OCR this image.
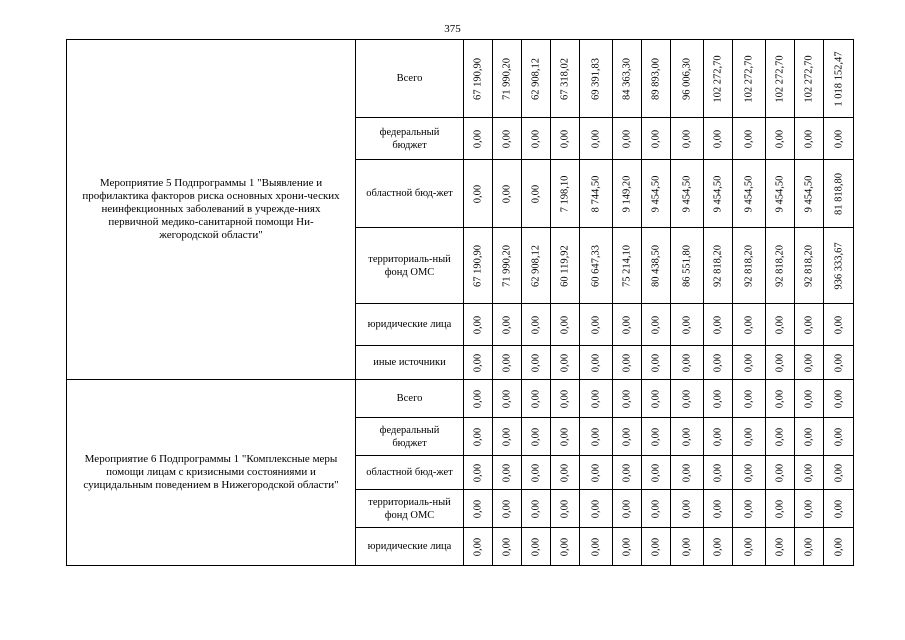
375
Мероприятие 5 Подпрограммы 1 "Выявление и профилактика факторов риска основных хрони-ческих неинфекционных заболеваний в учрежде-ниях первичной медико-санитарной помощи Ни-жегородской области"	Всего	67 190,90	71 990,20	62 908,12	67 318,02	69 391,83	84 363,30	89 893,00	96 006,30	102 272,70	102 272,70	102 272,70	102 272,70	1 018 152,47

	федеральный бюджет	0,00	0,00	0,00	0,00	0,00	0,00	0,00	0,00	0,00	0,00	0,00	0,00	0,00

	областной бюд-жет	0,00	0,00	0,00	7 198,10	8 744,50	9 149,20	9 454,50	9 454,50	9 454,50	9 454,50	9 454,50	9 454,50	81 818,80

	территориаль-ный фонд ОМС	67 190,90	71 990,20	62 908,12	60 119,92	60 647,33	75 214,10	80 438,50	86 551,80	92 818,20	92 818,20	92 818,20	92 818,20	936 333,67

	юридические лица	0,00	0,00	0,00	0,00	0,00	0,00	0,00	0,00	0,00	0,00	0,00	0,00	0,00

	иные источники	0,00	0,00	0,00	0,00	0,00	0,00	0,00	0,00	0,00	0,00	0,00	0,00	0,00

Мероприятие 6 Подпрограммы 1 "Комплексные меры помощи лицам с кризисными состояниями и суицидальным поведением в Нижегородской области"	Всего	0,00	0,00	0,00	0,00	0,00	0,00	0,00	0,00	0,00	0,00	0,00	0,00	0,00

	федеральный бюджет	0,00	0,00	0,00	0,00	0,00	0,00	0,00	0,00	0,00	0,00	0,00	0,00	0,00

	областной бюд-жет	0,00	0,00	0,00	0,00	0,00	0,00	0,00	0,00	0,00	0,00	0,00	0,00	0,00

	территориаль-ный фонд ОМС	0,00	0,00	0,00	0,00	0,00	0,00	0,00	0,00	0,00	0,00	0,00	0,00	0,00

	юридические лица	0,00	0,00	0,00	0,00	0,00	0,00	0,00	0,00	0,00	0,00	0,00	0,00	0,00
